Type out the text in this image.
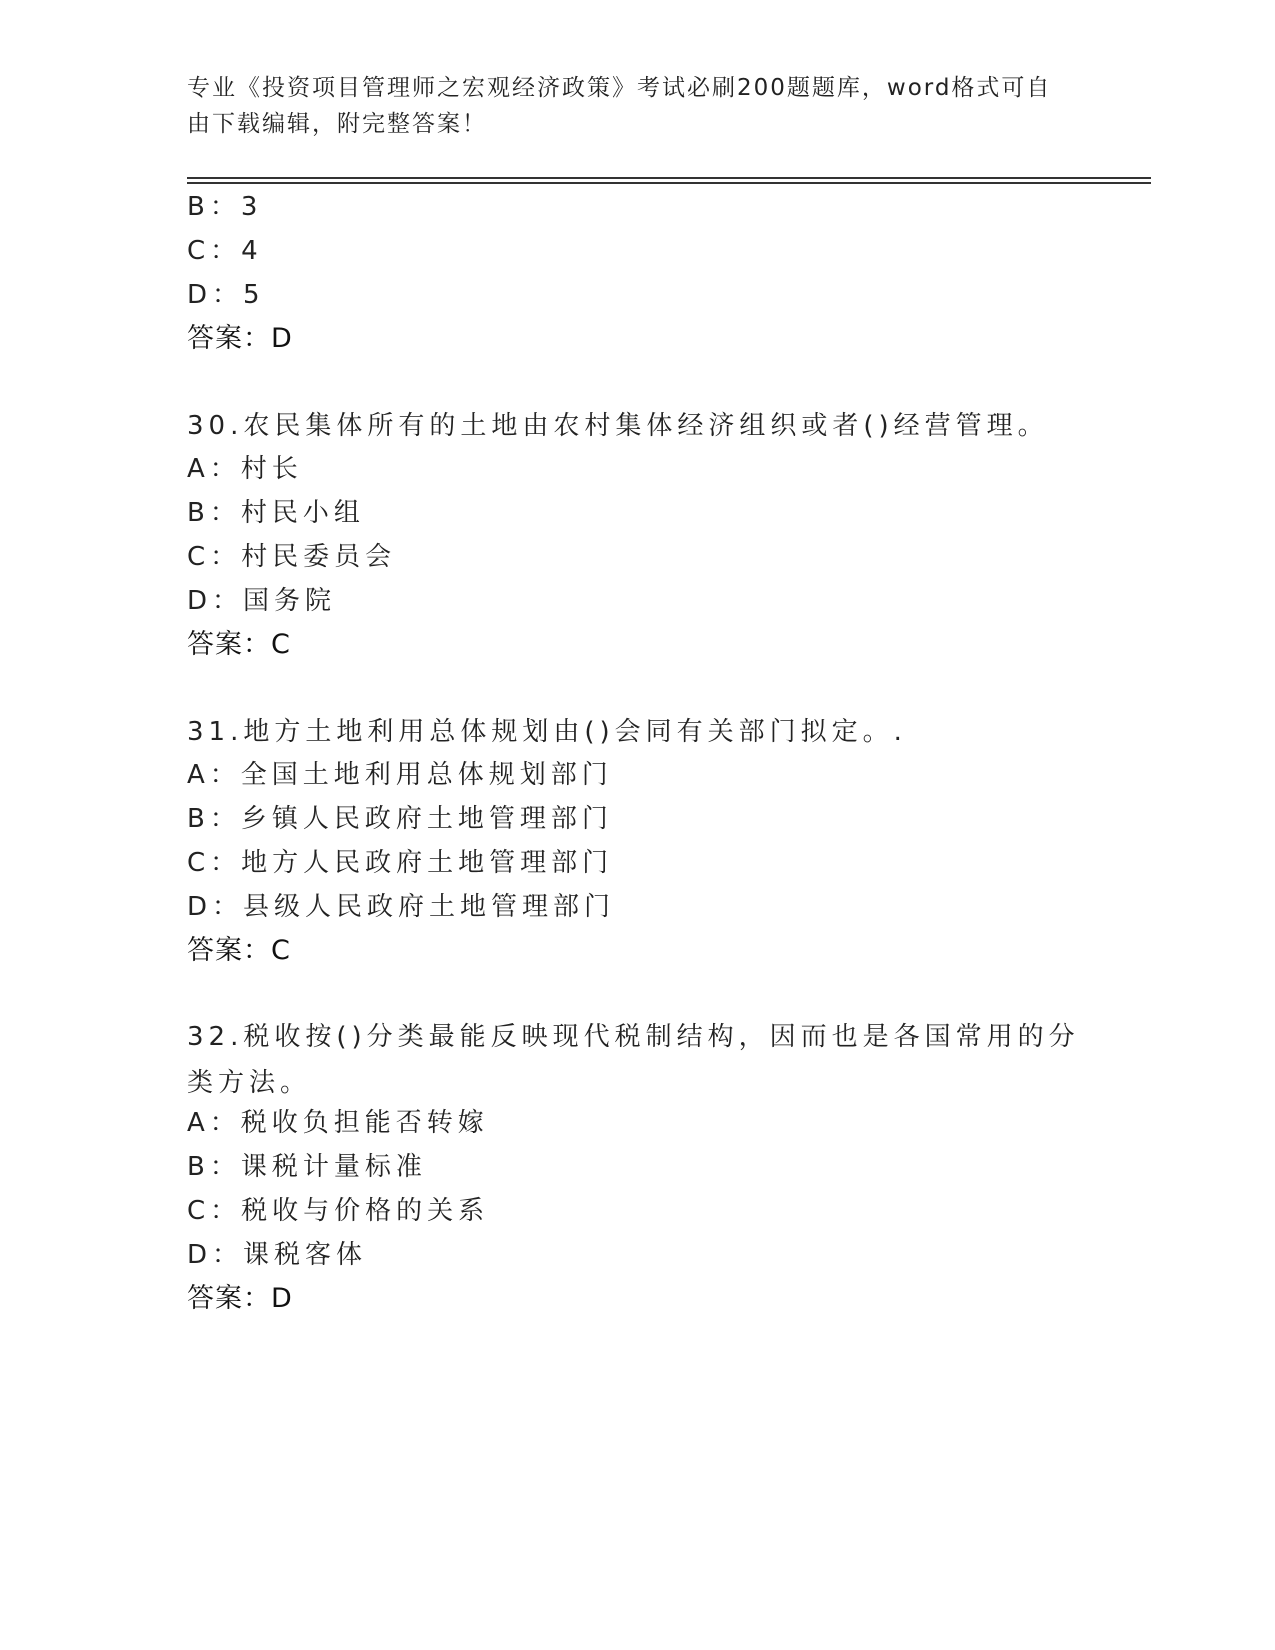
专业《投资项目管理师之宏观经济政策》考试必刷200题题库，word格式可自由下载编辑，附完整答案！
B：3
C：4
D：5
答案：D
30.农民集体所有的土地由农村集体经济组织或者()经营管理。
A：村长
B：村民小组
C：村民委员会
D：国务院
答案：C
31.地方土地利用总体规划由()会同有关部门拟定。.
A：全国土地利用总体规划部门
B：乡镇人民政府土地管理部门
C：地方人民政府土地管理部门
D：县级人民政府土地管理部门
答案：C
32.税收按()分类最能反映现代税制结构，因而也是各国常用的分类方法。
A：税收负担能否转嫁
B：课税计量标准
C：税收与价格的关系
D：课税客体
答案：D
